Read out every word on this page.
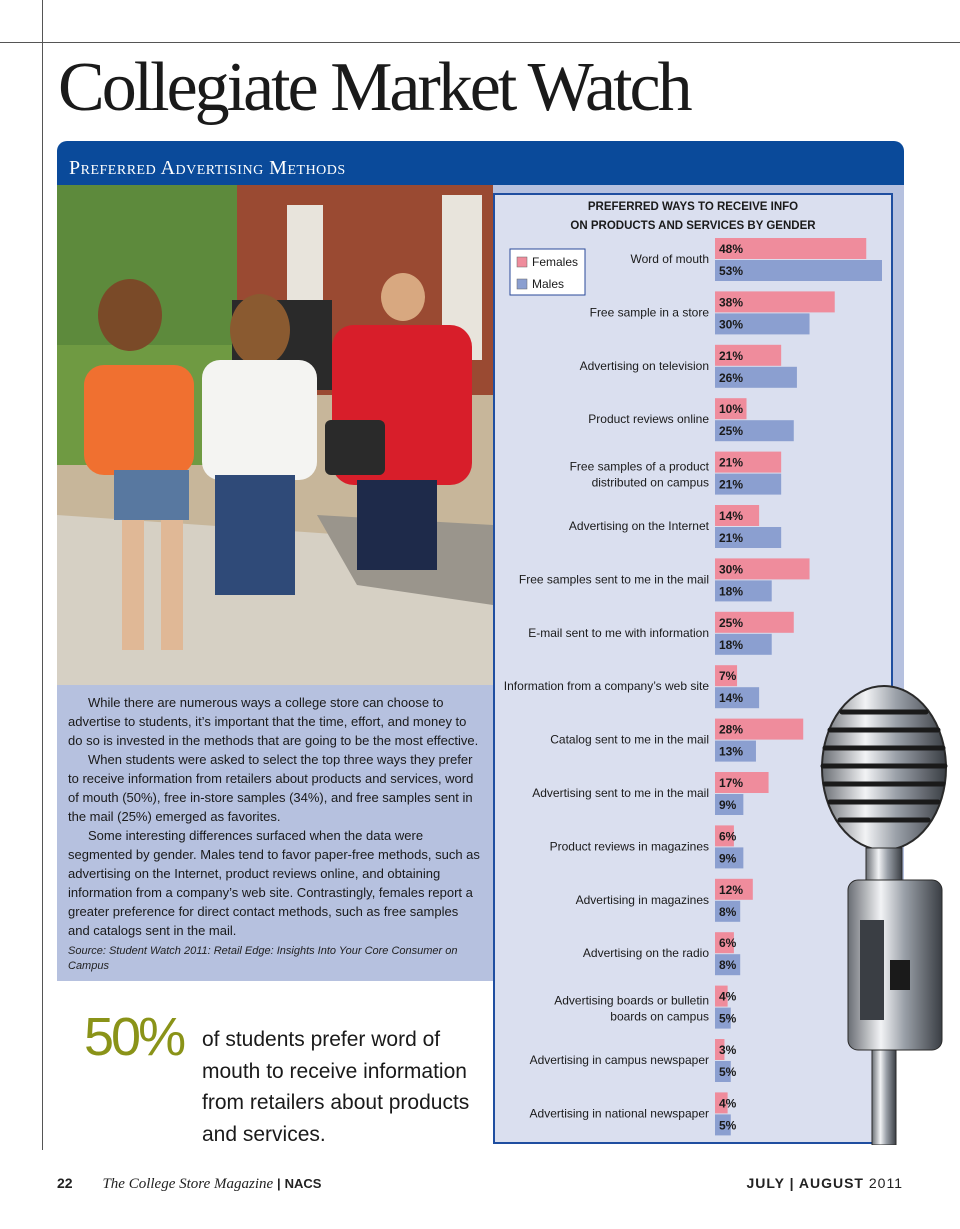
Collegiate Market Watch
Preferred Advertising Methods
PREFERRED WAYS TO RECEIVE INFO
ON PRODUCTS AND SERVICES BY GENDER
Females
Males
Word of mouth
48%
53%
Free sample in a store
38%
30%
Advertising on television
21%
26%
Product reviews online
10%
25%
Free samples of a product
distributed on campus
21%
21%
Advertising on the Internet
14%
21%
Free samples sent to me in the mail
30%
18%
E-mail sent to me with information
25%
18%
Information from a company’s web site
7%
14%
Catalog sent to me in the mail
28%
13%
Advertising sent to me in the mail
17%
9%
Product reviews in magazines
6%
9%
Advertising in magazines
12%
8%
Advertising on the radio
6%
8%
Advertising boards or bulletin
boards on campus
4%
5%
Advertising in campus newspaper
3%
5%
Advertising in national newspaper
4%
5%

While there are numerous ways a college store can choose to advertise to students, it’s important that the time, effort, and money to do so is invested in the methods that are going to be the most effective.

When students were asked to select the top three ways they prefer to receive information from retailers about products and services, word of mouth (50%), free in-store samples (34%), and free samples sent in the mail (25%) emerged as favorites.

Some interesting differences surfaced when the data were segmented by gender. Males tend to favor paper-free methods, such as advertising on the Internet, product reviews online, and obtaining information from a company’s web site. Contrastingly, females report a greater preference for direct contact methods, such as free samples and catalogs sent in the mail.

Source: Student Watch 2011: Retail Edge: Insights Into Your Core Consumer on Campus
50% of students prefer word of mouth to receive information from retailers about products and services.
22 The College Store Magazine | NACS	JULY | AUGUST 2011
